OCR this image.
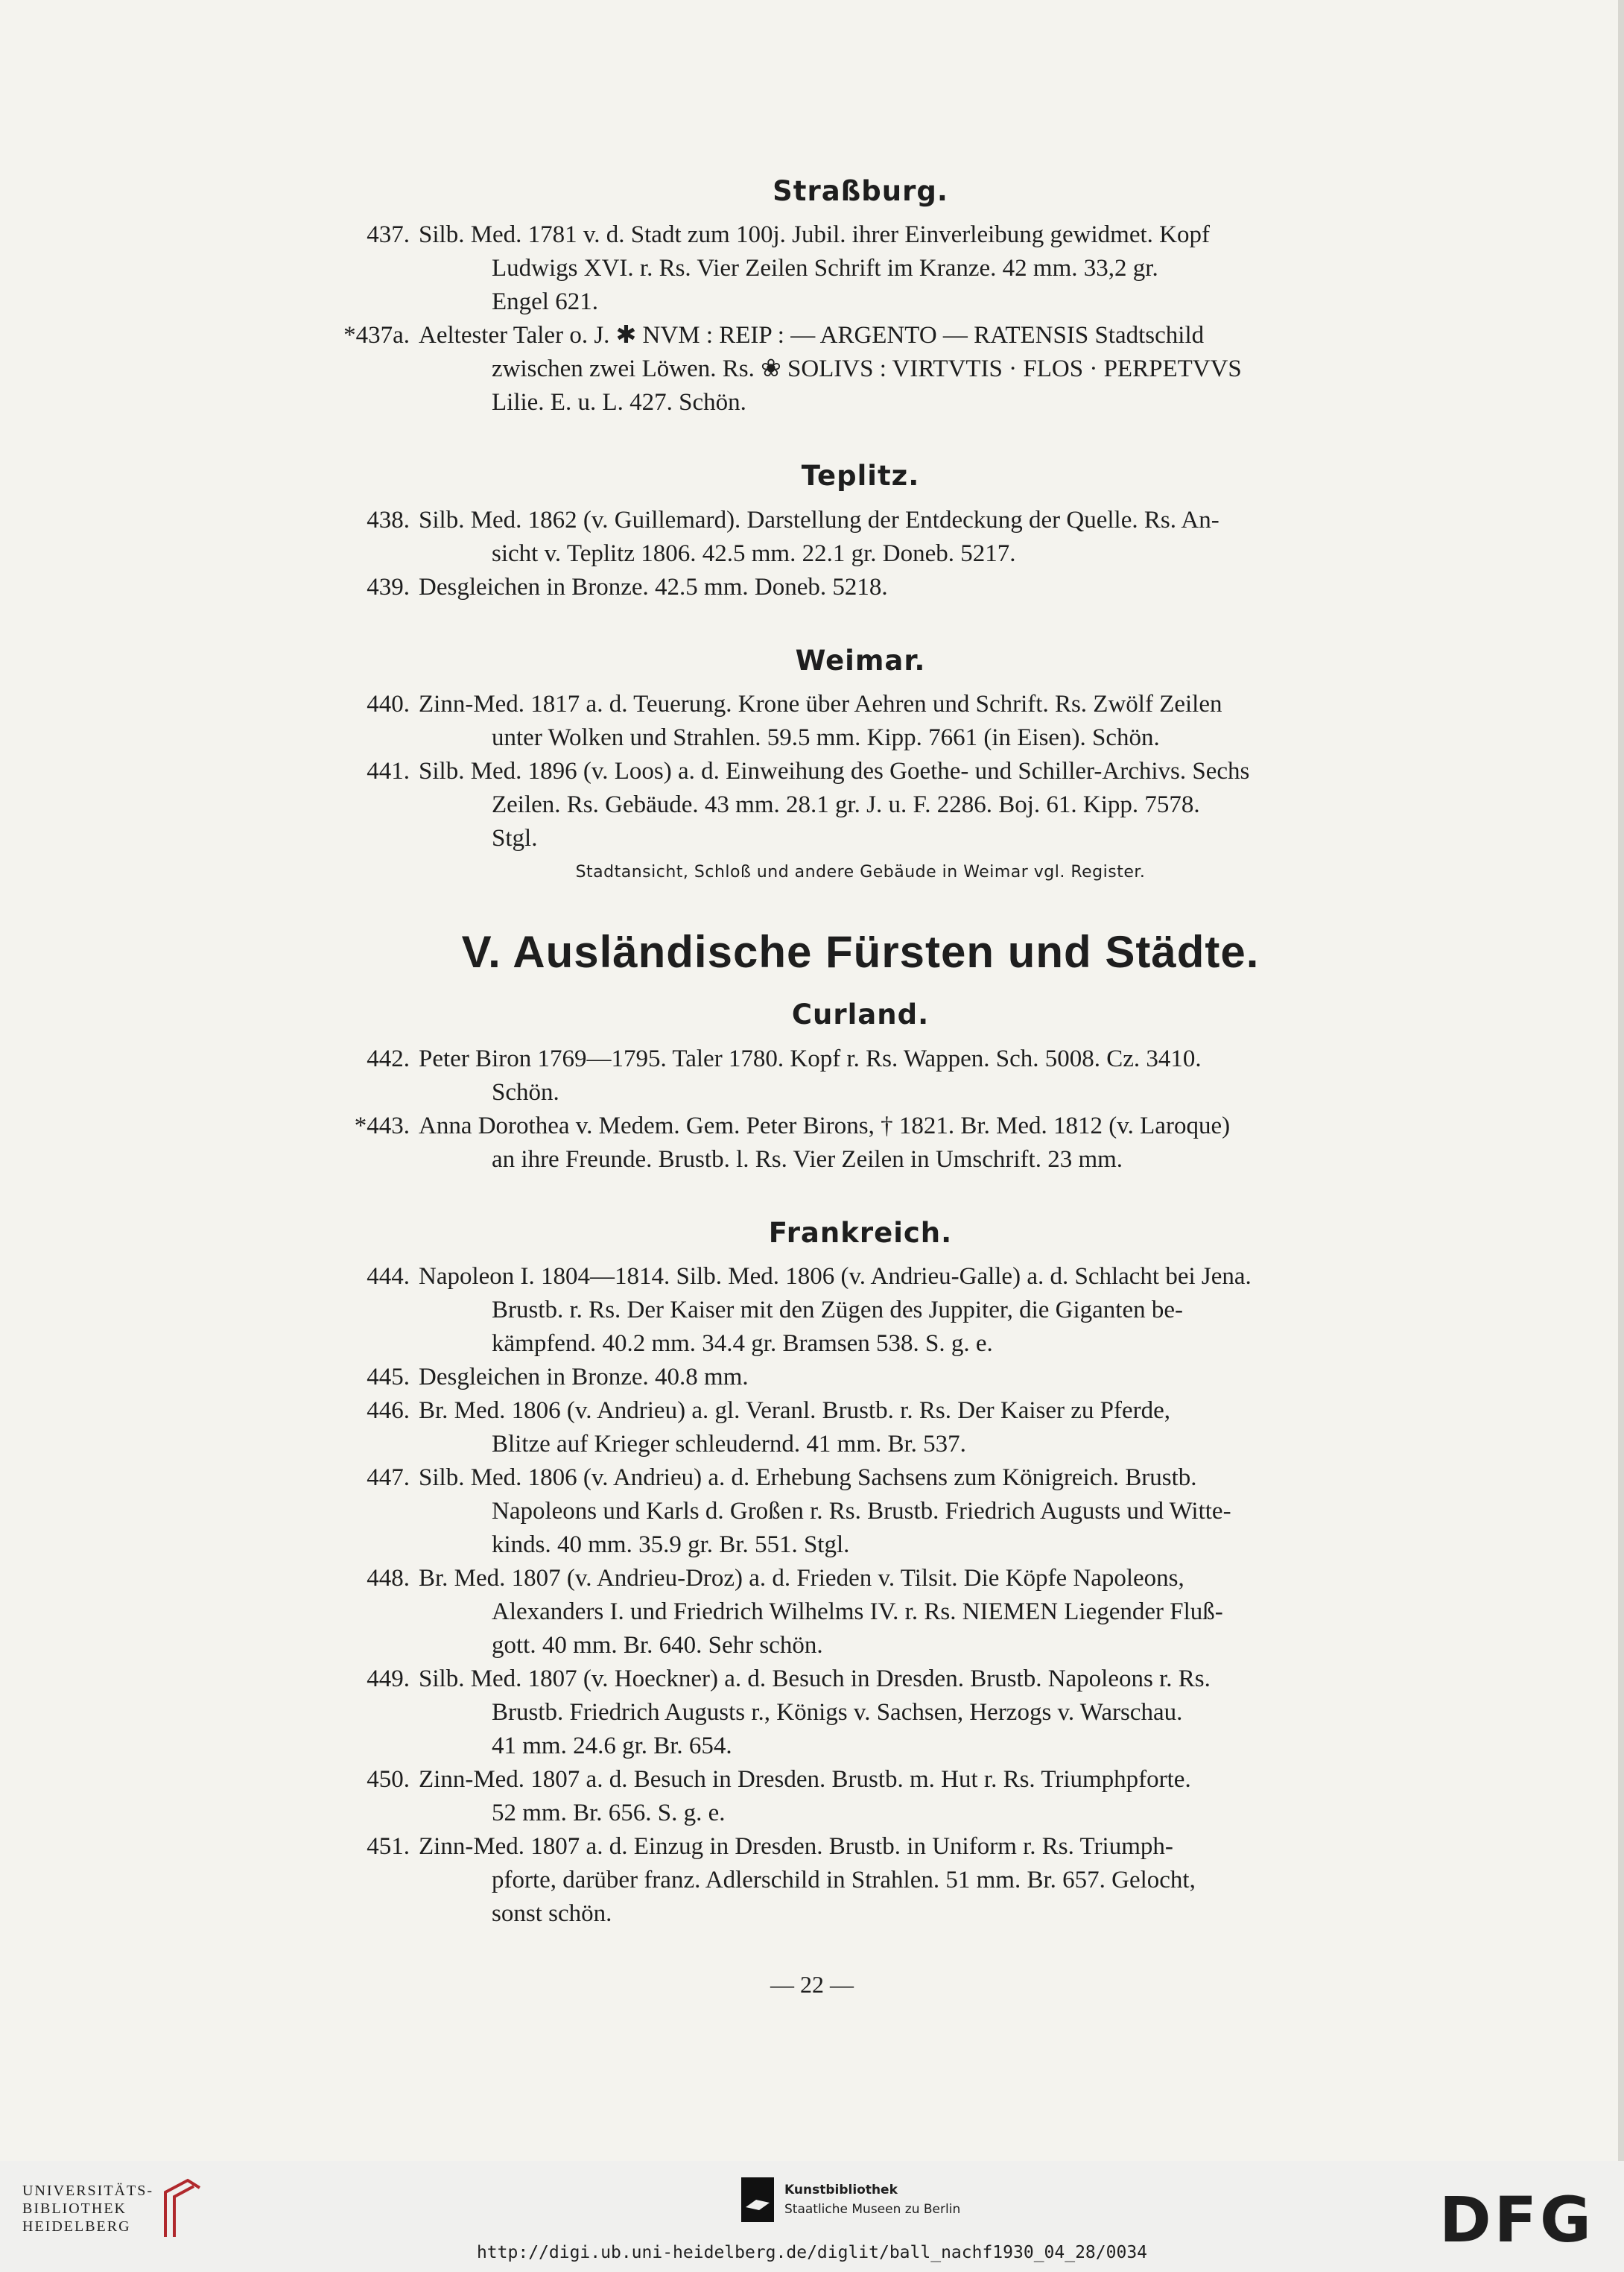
Straßburg.
437. Silb. Med. 1781 v. d. Stadt zum 100j. Jubil. ihrer Einverleibung gewidmet. Kopf
Ludwigs XVI. r. Rs. Vier Zeilen Schrift im Kranze. 42 mm. 33,2 gr.
Engel 621.
*437a. Aeltester Taler o. J. ✱ NVM : REIP : — ARGENTO — RATENSIS Stadtschild
zwischen zwei Löwen. Rs. ❀ SOLIVS : VIRTVTIS · FLOS · PERPETVVS
Lilie. E. u. L. 427. Schön.
Teplitz.
438. Silb. Med. 1862 (v. Guillemard). Darstellung der Entdeckung der Quelle. Rs. An-
sicht v. Teplitz 1806. 42.5 mm. 22.1 gr. Doneb. 5217.
439. Desgleichen in Bronze. 42.5 mm. Doneb. 5218.
Weimar.
440. Zinn-Med. 1817 a. d. Teuerung. Krone über Aehren und Schrift. Rs. Zwölf Zeilen
unter Wolken und Strahlen. 59.5 mm. Kipp. 7661 (in Eisen). Schön.
441. Silb. Med. 1896 (v. Loos) a. d. Einweihung des Goethe- und Schiller-Archivs. Sechs
Zeilen. Rs. Gebäude. 43 mm. 28.1 gr. J. u. F. 2286. Boj. 61. Kipp. 7578.
Stgl.
Stadtansicht, Schloß und andere Gebäude in Weimar vgl. Register.
V. Ausländische Fürsten und Städte.
Curland.
442. Peter Biron 1769—1795. Taler 1780. Kopf r. Rs. Wappen. Sch. 5008. Cz. 3410.
Schön.
*443. Anna Dorothea v. Medem. Gem. Peter Birons, † 1821. Br. Med. 1812 (v. Laroque)
an ihre Freunde. Brustb. l. Rs. Vier Zeilen in Umschrift. 23 mm.
Frankreich.
444. Napoleon I. 1804—1814. Silb. Med. 1806 (v. Andrieu-Galle) a. d. Schlacht bei Jena.
Brustb. r. Rs. Der Kaiser mit den Zügen des Juppiter, die Giganten be-
kämpfend. 40.2 mm. 34.4 gr. Bramsen 538. S. g. e.
445. Desgleichen in Bronze. 40.8 mm.
446. Br. Med. 1806 (v. Andrieu) a. gl. Veranl. Brustb. r. Rs. Der Kaiser zu Pferde,
Blitze auf Krieger schleudernd. 41 mm. Br. 537.
447. Silb. Med. 1806 (v. Andrieu) a. d. Erhebung Sachsens zum Königreich. Brustb.
Napoleons und Karls d. Großen r. Rs. Brustb. Friedrich Augusts und Witte-
kinds. 40 mm. 35.9 gr. Br. 551. Stgl.
448. Br. Med. 1807 (v. Andrieu-Droz) a. d. Frieden v. Tilsit. Die Köpfe Napoleons,
Alexanders I. und Friedrich Wilhelms IV. r. Rs. NIEMEN Liegender Fluß-
gott. 40 mm. Br. 640. Sehr schön.
449. Silb. Med. 1807 (v. Hoeckner) a. d. Besuch in Dresden. Brustb. Napoleons r. Rs.
Brustb. Friedrich Augusts r., Königs v. Sachsen, Herzogs v. Warschau.
41 mm. 24.6 gr. Br. 654.
450. Zinn-Med. 1807 a. d. Besuch in Dresden. Brustb. m. Hut r. Rs. Triumphpforte.
52 mm. Br. 656. S. g. e.
451. Zinn-Med. 1807 a. d. Einzug in Dresden. Brustb. in Uniform r. Rs. Triumph-
pforte, darüber franz. Adlerschild in Strahlen. 51 mm. Br. 657. Gelocht,
sonst schön.
— 22 —
UNIVERSITÄTS-
BIBLIOTHEK
HEIDELBERG
Kunstbibliothek
Staatliche Museen zu Berlin	DFG
http://digi.ub.uni-heidelberg.de/diglit/ball_nachf1930_04_28/0034
